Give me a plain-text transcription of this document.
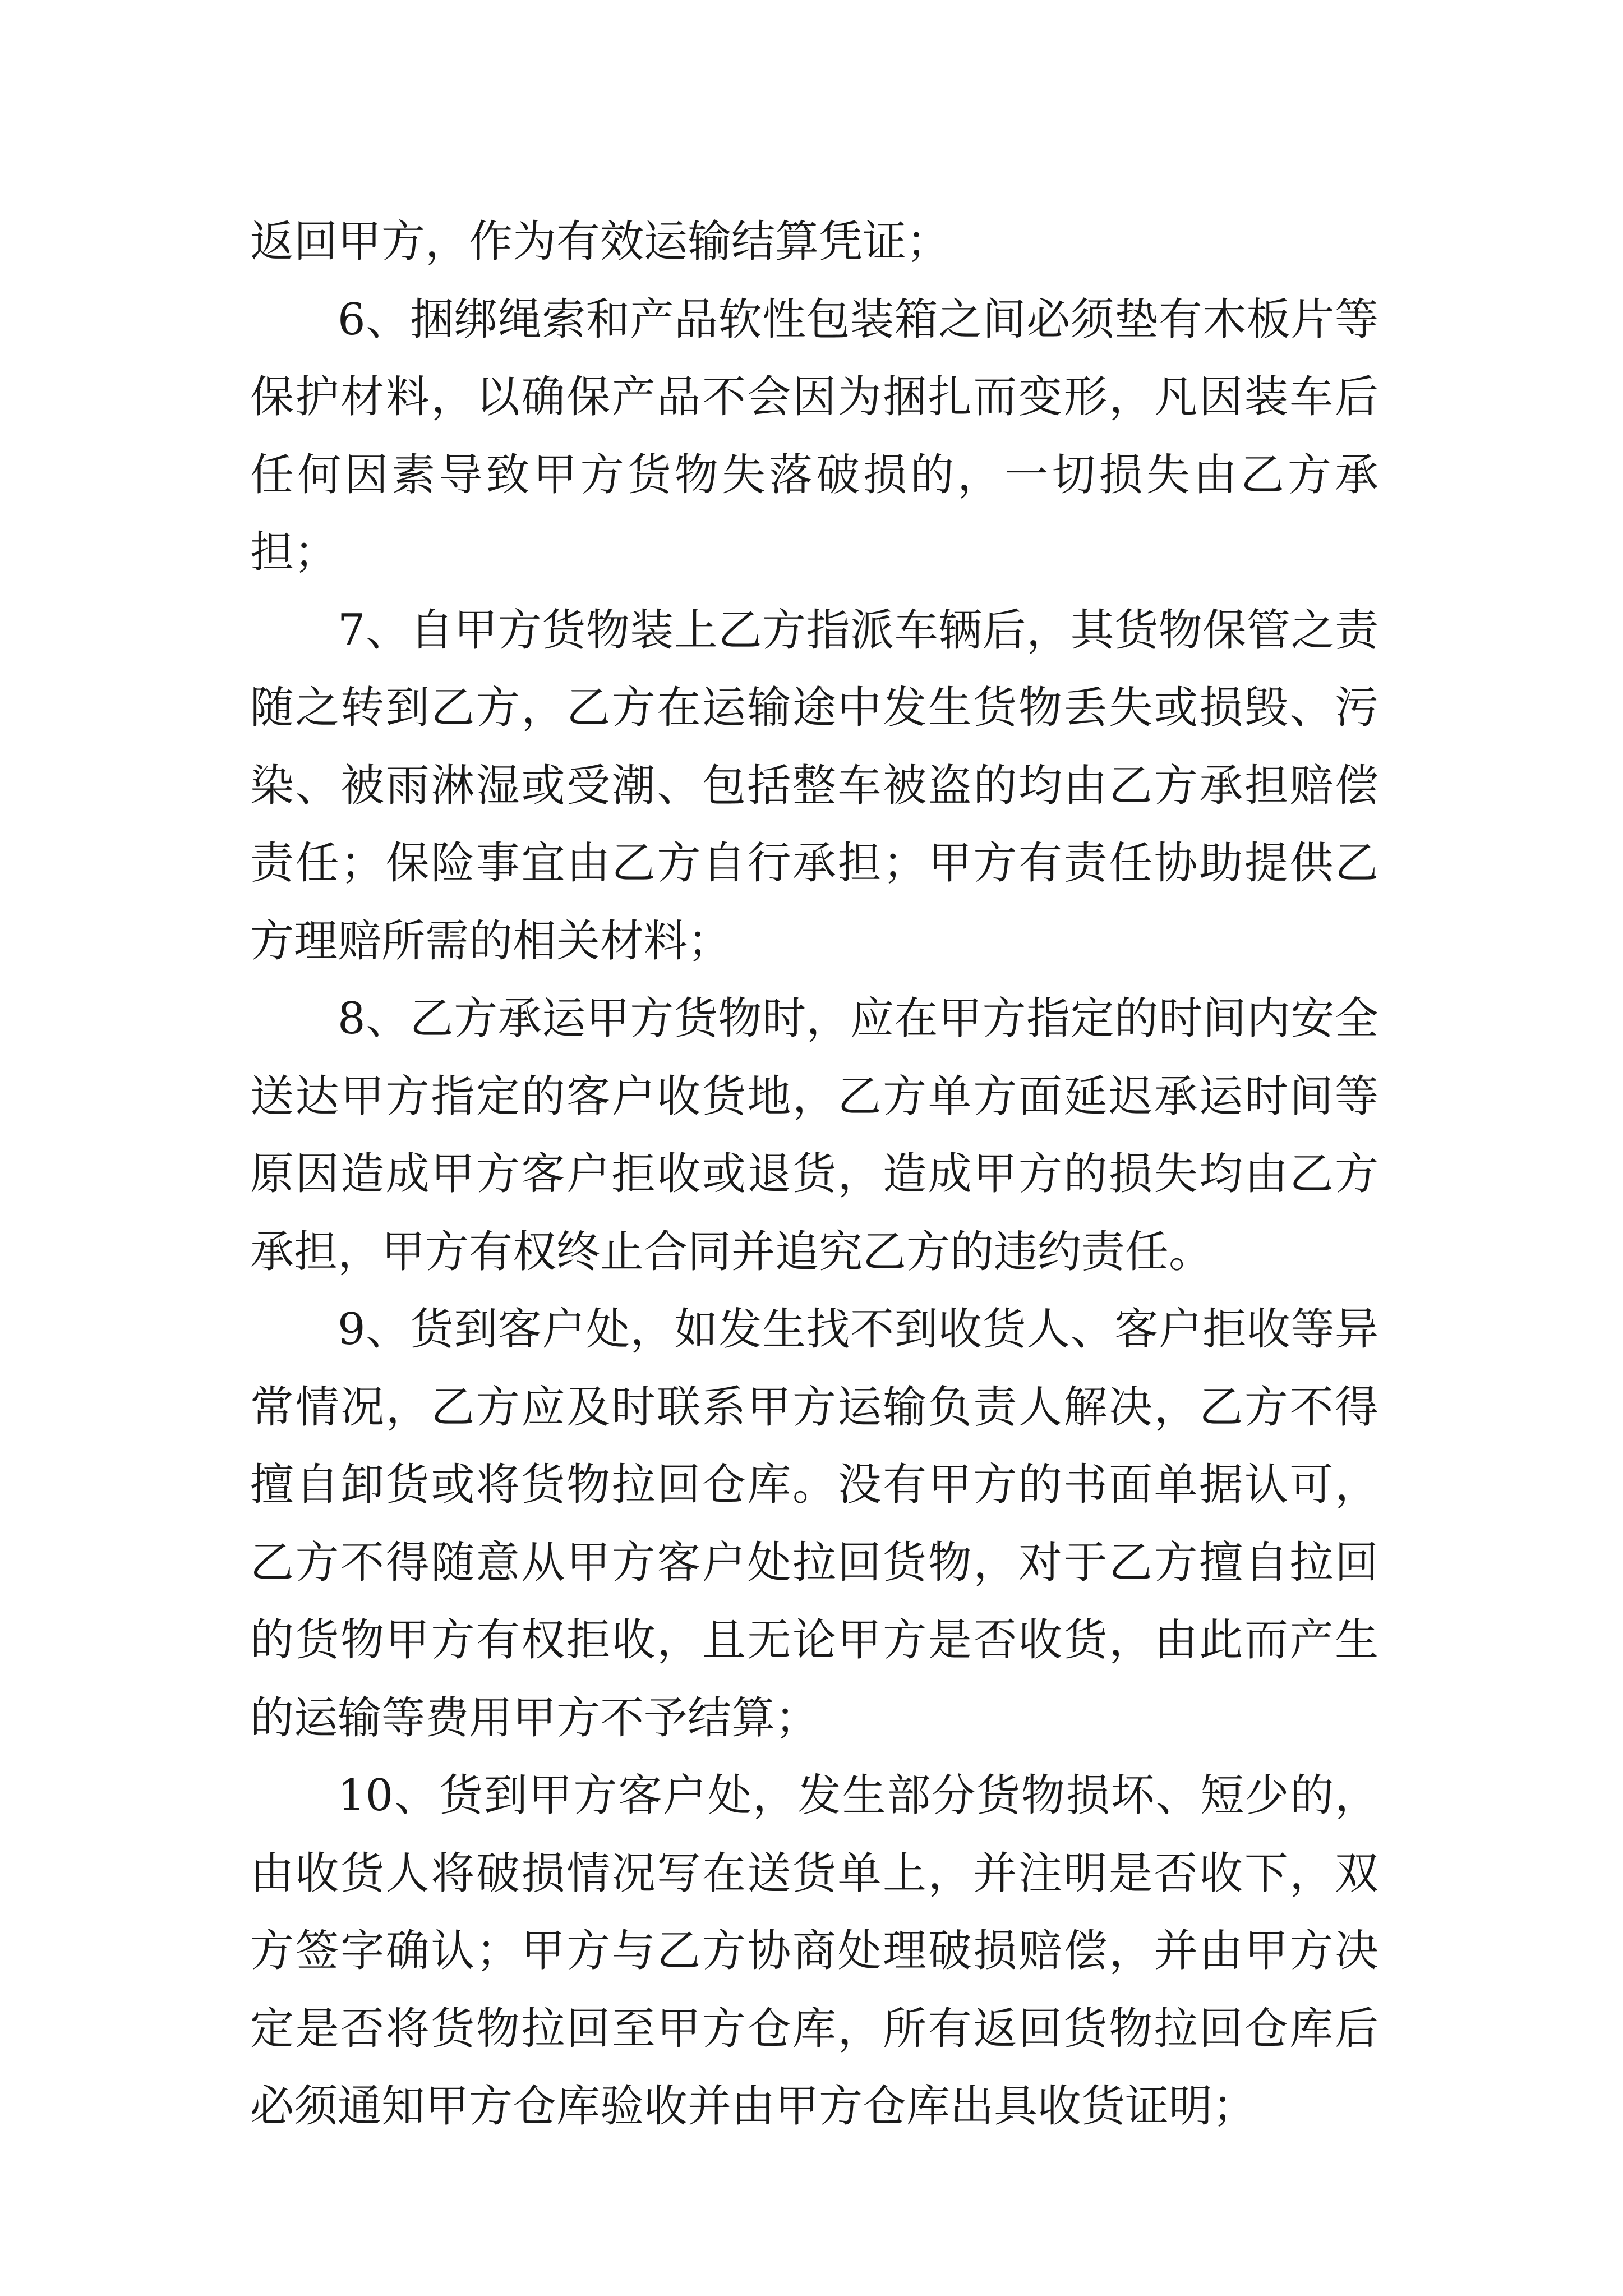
返回甲方，作为有效运输结算凭证；

6、捆绑绳索和产品软性包装箱之间必须垫有木板片等保护材料，以确保产品不会因为捆扎而变形，凡因装车后任何因素导致甲方货物失落破损的，一切损失由乙方承担；

7、自甲方货物装上乙方指派车辆后，其货物保管之责随之转到乙方，乙方在运输途中发生货物丢失或损毁、污染、被雨淋湿或受潮、包括整车被盗的均由乙方承担赔偿责任；保险事宜由乙方自行承担；甲方有责任协助提供乙方理赔所需的相关材料；

8、乙方承运甲方货物时，应在甲方指定的时间内安全送达甲方指定的客户收货地，乙方单方面延迟承运时间等原因造成甲方客户拒收或退货，造成甲方的损失均由乙方承担，甲方有权终止合同并追究乙方的违约责任。

9、货到客户处，如发生找不到收货人、客户拒收等异常情况，乙方应及时联系甲方运输负责人解决，乙方不得擅自卸货或将货物拉回仓库。没有甲方的书面单据认可，乙方不得随意从甲方客户处拉回货物，对于乙方擅自拉回的货物甲方有权拒收，且无论甲方是否收货，由此而产生的运输等费用甲方不予结算；

10、货到甲方客户处，发生部分货物损坏、短少的，由收货人将破损情况写在送货单上，并注明是否收下，双方签字确认；甲方与乙方协商处理破损赔偿，并由甲方决定是否将货物拉回至甲方仓库，所有返回货物拉回仓库后必须通知甲方仓库验收并由甲方仓库出具收货证明；
